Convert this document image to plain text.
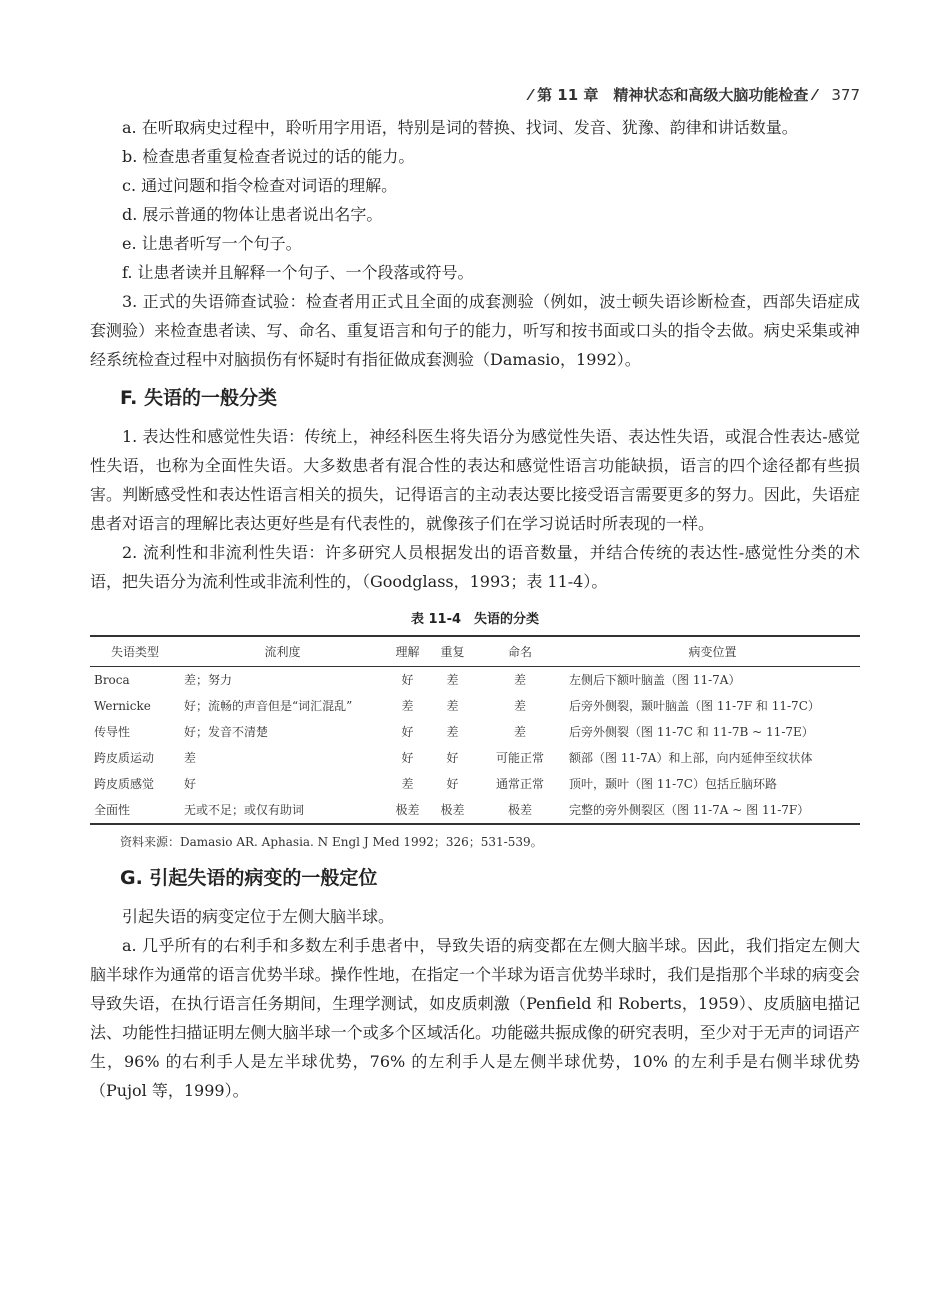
⁄ 第 11 章　精神状态和高级大脑功能检查 ⁄ 377

a. 在听取病史过程中，聆听用字用语，特别是词的替换、找词、发音、犹豫、韵律和讲话数量。

b. 检查患者重复检查者说过的话的能力。

c. 通过问题和指令检查对词语的理解。

d. 展示普通的物体让患者说出名字。

e. 让患者听写一个句子。

f. 让患者读并且解释一个句子、一个段落或符号。

3. 正式的失语筛查试验：检查者用正式且全面的成套测验（例如，波士顿失语诊断检查，西部失语症成套测验）来检查患者读、写、命名、重复语言和句子的能力，听写和按书面或口头的指令去做。病史采集或神经系统检查过程中对脑损伤有怀疑时有指征做成套测验（Damasio，1992）。

F. 失语的一般分类

1. 表达性和感觉性失语：传统上，神经科医生将失语分为感觉性失语、表达性失语，或混合性表达-感觉性失语，也称为全面性失语。大多数患者有混合性的表达和感觉性语言功能缺损，语言的四个途径都有些损害。判断感受性和表达性语言相关的损失，记得语言的主动表达要比接受语言需要更多的努力。因此，失语症患者对语言的理解比表达更好些是有代表性的，就像孩子们在学习说话时所表现的一样。

2. 流利性和非流利性失语：许多研究人员根据发出的语音数量，并结合传统的表达性-感觉性分类的术语，把失语分为流利性或非流利性的，（Goodglass，1993；表 11-4）。

表 11-4　失语的分类
失语类型	流利度	理解	重复	命名	病变位置
Broca	差；努力	好	差	差	左侧后下额叶脑盖（图 11-7A）
Wernicke	好；流畅的声音但是“词汇混乱”	差	差	差	后旁外侧裂，颞叶脑盖（图 11-7F 和 11-7C）
传导性	好；发音不清楚	好	差	差	后旁外侧裂（图 11-7C 和 11-7B ~ 11-7E）
跨皮质运动	差	好	好	可能正常	额部（图 11-7A）和上部，向内延伸至纹状体
跨皮质感觉	好	差	好	通常正常	顶叶，颞叶（图 11-7C）包括丘脑环路
全面性	无或不足；或仅有助词	极差	极差	极差	完整的旁外侧裂区（图 11-7A ~ 图 11-7F）
资料来源：Damasio AR. Aphasia. N Engl J Med 1992；326；531-539。
G. 引起失语的病变的一般定位

引起失语的病变定位于左侧大脑半球。

a. 几乎所有的右利手和多数左利手患者中，导致失语的病变都在左侧大脑半球。因此，我们指定左侧大脑半球作为通常的语言优势半球。操作性地，在指定一个半球为语言优势半球时，我们是指那个半球的病变会导致失语，在执行语言任务期间，生理学测试，如皮质刺激（Penfield 和 Roberts，1959）、皮质脑电描记法、功能性扫描证明左侧大脑半球一个或多个区域活化。功能磁共振成像的研究表明，至少对于无声的词语产生，96% 的右利手人是左半球优势，76% 的左利手人是左侧半球优势，10% 的左利手是右侧半球优势（Pujol 等，1999）。
